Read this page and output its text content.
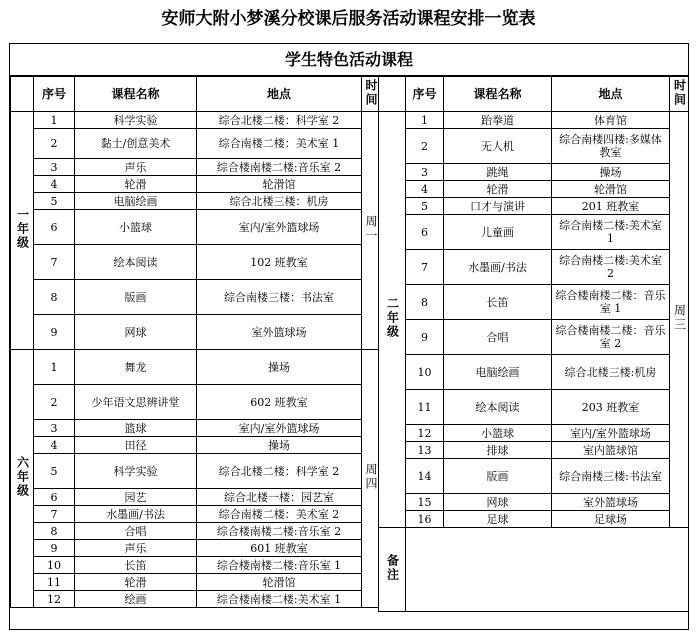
安师大附小梦溪分校课后服务活动课程安排一览表
学生特色活动课程
	序号	课程名称	地点	时间
一年级	1	科学实验	综合北楼二楼：科学室 2	周一
	2	黏土/创意美术	综合南楼二楼：美术室 1	
	3	声乐	综合楼南楼二楼:音乐室 2	
	4	轮滑	轮滑馆	
	5	电脑绘画	综合北楼三楼：机房	
	6	小篮球	室内/室外篮球场	
	7	绘本阅读	102 班教室	
	8	版画	综合南楼三楼：书法室	
	9	网球	室外篮球场	
六年级	1	舞龙	操场	周四
	2	少年语文思辨讲堂	602 班教室	
	3	篮球	室内/室外篮球场	
	4	田径	操场	
	5	科学实验	综合北楼二楼：科学室 2	
	6	园艺	综合北楼一楼：园艺室	
	7	水墨画/书法	综合南楼二楼：美术室 2	
	8	合唱	综合楼南楼二楼:音乐室 2	
	9	声乐	601 班教室	
	10	长笛	综合楼南楼二楼:音乐室 1	
	11	轮滑	轮滑馆	
	12	绘画	综合楼南楼二楼:美术室 1	
	序号	课程名称	地点	时间
二年级	1	跆拳道	体育馆	周三
	2	无人机	综合南楼四楼:多媒体教室	
	3	跳绳	操场	
	4	轮滑	轮滑馆	
	5	口才与演讲	201 班教室	
	6	儿童画	综合南楼二楼:美术室 1	
	7	水墨画/书法	综合南楼二楼:美术室 2	
	8	长笛	综合楼南楼二楼：音乐室 1	
	9	合唱	综合楼南楼二楼：音乐室 2	
	10	电脑绘画	综合北楼三楼:机房	
	11	绘本阅读	203 班教室	
	12	小篮球	室内/室外篮球场	
	13	排球	室内篮球馆	
	14	版画	综合南楼三楼:书法室	
	15	网球	室外篮球场	
	16	足球	足球场	
备注				
